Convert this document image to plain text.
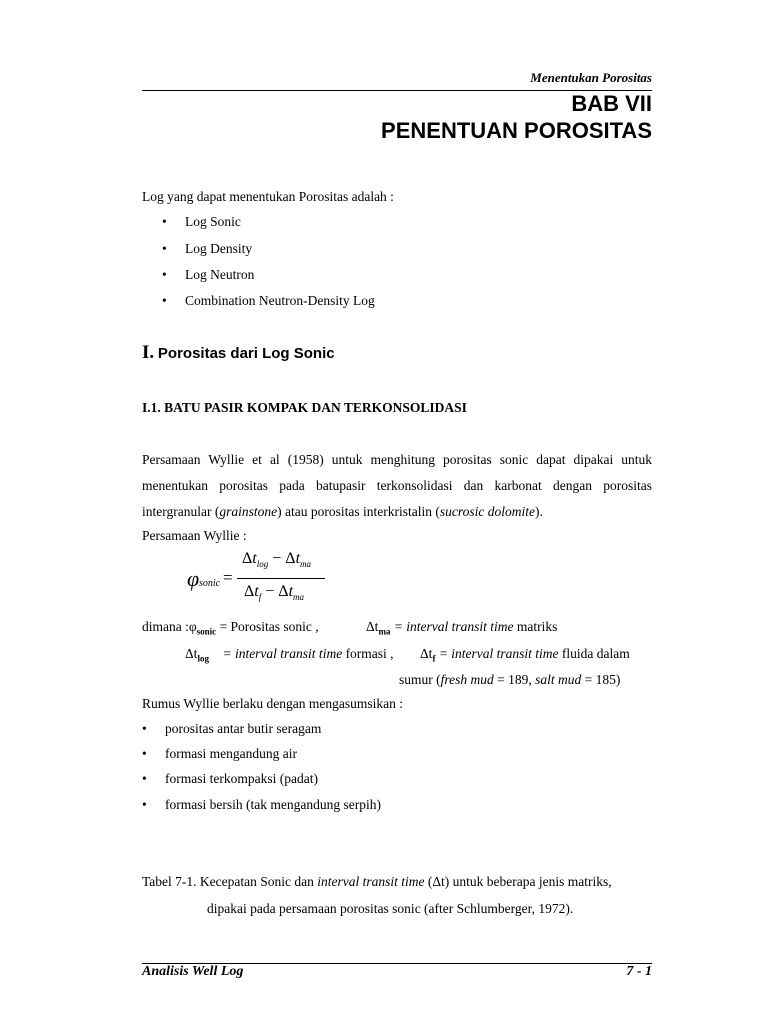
Menentukan Porositas
BAB VII
PENENTUAN POROSITAS
Log yang dapat menentukan Porositas adalah :
• Log Sonic
• Log Density
• Log Neutron
• Combination Neutron-Density Log
I. Porositas dari Log Sonic
I.1. BATU PASIR KOMPAK DAN TERKONSOLIDASI
Persamaan Wyllie et al (1958) untuk menghitung porositas sonic dapat dipakai untuk menentukan porositas pada batupasir terkonsolidasi dan karbonat dengan porositas intergranular (grainstone) atau porositas interkristalin (sucrosic dolomite).
Persamaan Wyllie :
φ sonic =
$\Delta t_{log} - \Delta t_{ma}$
$\Delta t_f - \Delta t_{ma}$
dimana $:\varphi_{sonic}$ = Porositas sonic ,	$\Delta t_{ma}$ = interval transit time matriks
$\Delta t_{log}$ = interval transit time formasi , $\Delta t_f$ = interval transit time fluida dalam
sumur (fresh mud = 189, salt mud = 185)
Rumus Wyllie berlaku dengan mengasumsikan :
• porositas antar butir seragam
• formasi mengandung air
• formasi terkompaksi (padat)
• formasi bersih (tak mengandung serpih)
Tabel 7-1. Kecepatan Sonic dan interval transit time (Δt) untuk beberapa jenis matriks,
dipakai pada persamaan porositas sonic (after Schlumberger, 1972).
Analisis Well Log	7 - 1
